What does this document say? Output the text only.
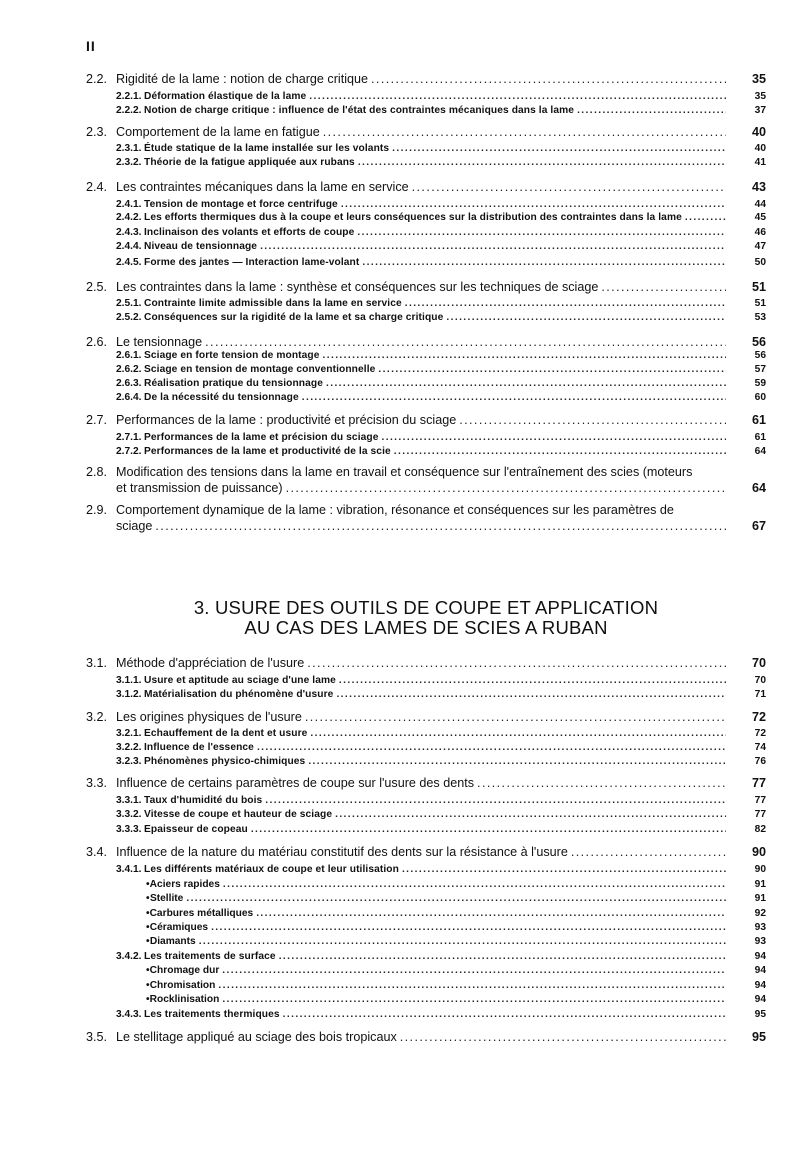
II
2.2. Rigidité de la lame : notion de charge critique .....	35
2.2.1. Déformation élastique de la lame .....	35
2.2.2. Notion de charge critique : influence de l'état des contraintes mécaniques dans la lame .....	37
2.3. Comportement de la lame en fatigue .....	40
2.3.1. Étude statique de la lame installée sur les volants .....	40
2.3.2. Théorie de la fatigue appliquée aux rubans .....	41
2.4. Les contraintes mécaniques dans la lame en service .....	43
2.4.1. Tension de montage et force centrifuge .....	44
2.4.2. Les efforts thermiques dus à la coupe et leurs conséquences sur la distribution des contraintes dans la lame .....	45
2.4.3. Inclinaison des volants et efforts de coupe .....	46
2.4.4. Niveau de tensionnage .....	47
2.4.5. Forme des jantes — Interaction lame-volant .....	50
2.5. Les contraintes dans la lame : synthèse et conséquences sur les techniques de sciage .....	51
2.5.1. Contrainte limite admissible dans la lame en service .....	51
2.5.2. Conséquences sur la rigidité de la lame et sa charge critique .....	53
2.6. Le tensionnage .....	56
2.6.1. Sciage en forte tension de montage .....	56
2.6.2. Sciage en tension de montage conventionnelle .....	57
2.6.3. Réalisation pratique du tensionnage .....	59
2.6.4. De la nécessité du tensionnage .....	60
2.7. Performances de la lame : productivité et précision du sciage .....	61
2.7.1. Performances de la lame et précision du sciage .....	61
2.7.2. Performances de la lame et productivité de la scie .....	64
3.1. Méthode d'appréciation de l'usure .....	70
3.1.1. Usure et aptitude au sciage d'une lame .....	70
3.1.2. Matérialisation du phénomène d'usure .....	71
3.2. Les origines physiques de l'usure .....	72
3.2.1. Echauffement de la dent et usure .....	72
3.2.2. Influence de l'essence .....	74
3.2.3. Phénomènes physico-chimiques .....	76
3.3. Influence de certains paramètres de coupe sur l'usure des dents .....	77
3.3.1. Taux d'humidité du bois .....	77
3.3.2. Vitesse de coupe et hauteur de sciage .....	77
3.3.3. Epaisseur de copeau .....	82
3.4. Influence de la nature du matériau constitutif des dents sur la résistance à l'usure .....	90
3.4.1. Les différents matériaux de coupe et leur utilisation .....	90
• Aciers rapides .....	91
• Stellite .....	91
• Carbures métalliques .....	92
• Céramiques .....	93
• Diamants .....	93
3.4.2. Les traitements de surface .....	94
• Chromage dur .....	94
• Chromisation .....	94
• Rocklinisation .....	94
3.4.3. Les traitements thermiques .....	95
3.5. Le stellitage appliqué au sciage des bois tropicaux .....	95
2.8. Modification des tensions dans la lame en travail et conséquence sur l'entraînement des scies (moteurs
et transmission de puissance) .....	64
2.9. Comportement dynamique de la lame : vibration, résonance et conséquences sur les paramètres de
sciage .....	67
3. USURE DES OUTILS DE COUPE ET APPLICATION
AU CAS DES LAMES DE SCIES A RUBAN
